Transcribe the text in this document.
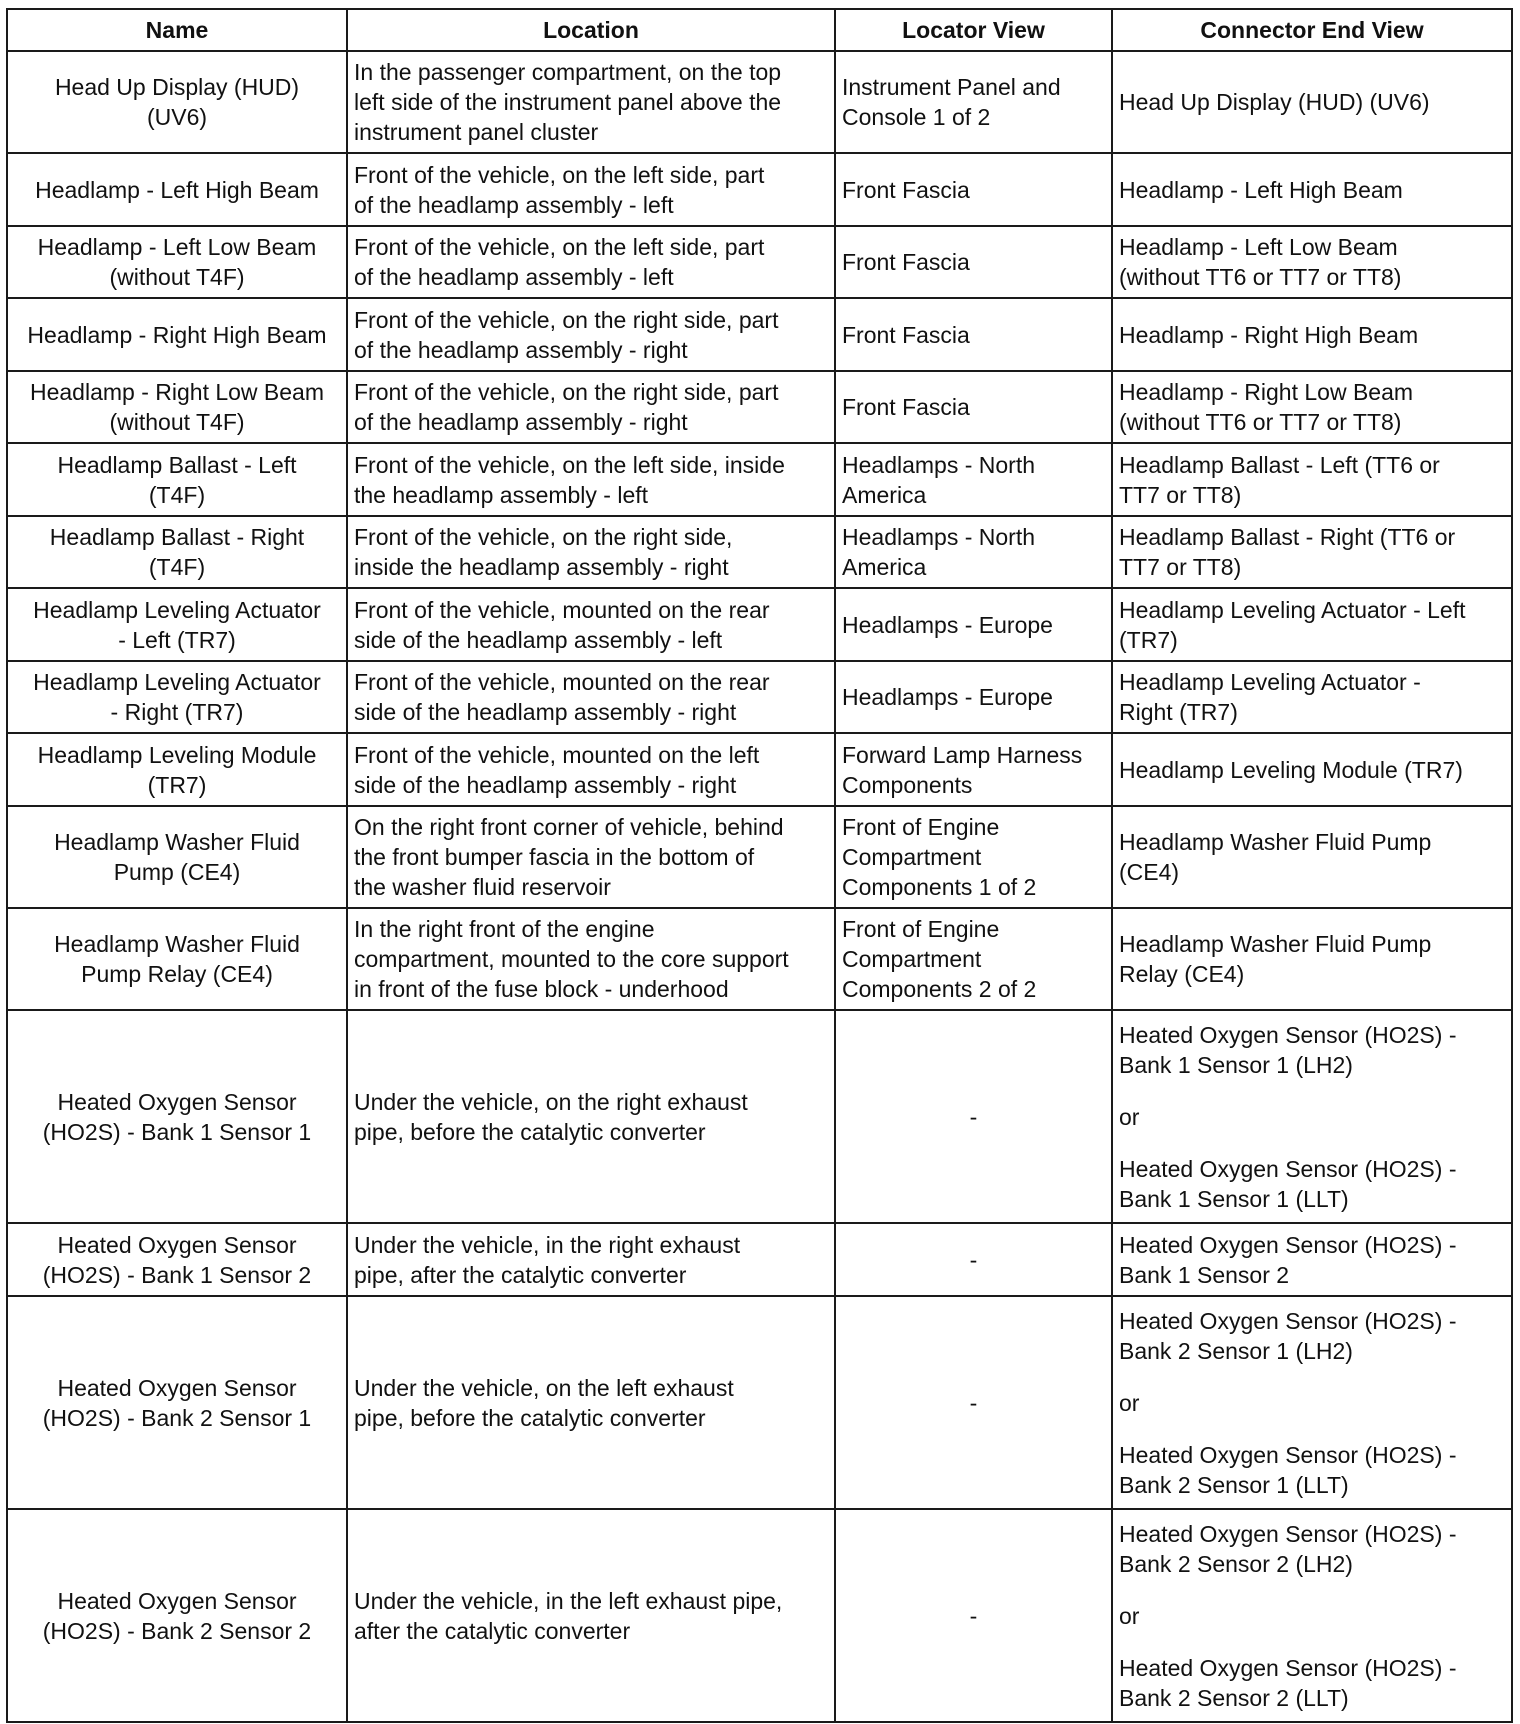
Name	Location	Locator View	Connector End View

Head Up Display (HUD)
(UV6)	In the passenger compartment, on the top
left side of the instrument panel above the
instrument panel cluster	Instrument Panel and
Console 1 of 2	Head Up Display (HUD) (UV6)

Headlamp - Left High Beam	Front of the vehicle, on the left side, part
of the headlamp assembly - left	Front Fascia	Headlamp - Left High Beam

Headlamp - Left Low Beam
(without T4F)	Front of the vehicle, on the left side, part
of the headlamp assembly - left	Front Fascia	Headlamp - Left Low Beam
(without TT6 or TT7 or TT8)

Headlamp - Right High Beam	Front of the vehicle, on the right side, part
of the headlamp assembly - right	Front Fascia	Headlamp - Right High Beam

Headlamp - Right Low Beam
(without T4F)	Front of the vehicle, on the right side, part
of the headlamp assembly - right	Front Fascia	Headlamp - Right Low Beam
(without TT6 or TT7 or TT8)

Headlamp Ballast - Left
(T4F)	Front of the vehicle, on the left side, inside
the headlamp assembly - left	Headlamps - North
America	Headlamp Ballast - Left (TT6 or
TT7 or TT8)

Headlamp Ballast - Right
(T4F)	Front of the vehicle, on the right side,
inside the headlamp assembly - right	Headlamps - North
America	Headlamp Ballast - Right (TT6 or
TT7 or TT8)

Headlamp Leveling Actuator
- Left (TR7)	Front of the vehicle, mounted on the rear
side of the headlamp assembly - left	Headlamps - Europe	Headlamp Leveling Actuator - Left
(TR7)

Headlamp Leveling Actuator
- Right (TR7)	Front of the vehicle, mounted on the rear
side of the headlamp assembly - right	Headlamps - Europe	Headlamp Leveling Actuator -
Right (TR7)

Headlamp Leveling Module
(TR7)	Front of the vehicle, mounted on the left
side of the headlamp assembly - right	Forward Lamp Harness
Components	Headlamp Leveling Module (TR7)

Headlamp Washer Fluid
Pump (CE4)	On the right front corner of vehicle, behind
the front bumper fascia in the bottom of
the washer fluid reservoir	Front of Engine
Compartment
Components 1 of 2	Headlamp Washer Fluid Pump
(CE4)

Headlamp Washer Fluid
Pump Relay (CE4)	In the right front of the engine
compartment, mounted to the core support
in front of the fuse block - underhood	Front of Engine
Compartment
Components 2 of 2	Headlamp Washer Fluid Pump
Relay (CE4)

Heated Oxygen Sensor
(HO2S) - Bank 1 Sensor 1	Under the vehicle, on the right exhaust
pipe, before the catalytic converter	-	Heated Oxygen Sensor (HO2S) -
Bank 1 Sensor 1 (LH2)
or
Heated Oxygen Sensor (HO2S) -
Bank 1 Sensor 1 (LLT)

Heated Oxygen Sensor
(HO2S) - Bank 1 Sensor 2	Under the vehicle, in the right exhaust
pipe, after the catalytic converter	-	Heated Oxygen Sensor (HO2S) -
Bank 1 Sensor 2

Heated Oxygen Sensor
(HO2S) - Bank 2 Sensor 1	Under the vehicle, on the left exhaust
pipe, before the catalytic converter	-	Heated Oxygen Sensor (HO2S) -
Bank 2 Sensor 1 (LH2)
or
Heated Oxygen Sensor (HO2S) -
Bank 2 Sensor 1 (LLT)

Heated Oxygen Sensor
(HO2S) - Bank 2 Sensor 2	Under the vehicle, in the left exhaust pipe,
after the catalytic converter	-	Heated Oxygen Sensor (HO2S) -
Bank 2 Sensor 2 (LH2)
or
Heated Oxygen Sensor (HO2S) -
Bank 2 Sensor 2 (LLT)
